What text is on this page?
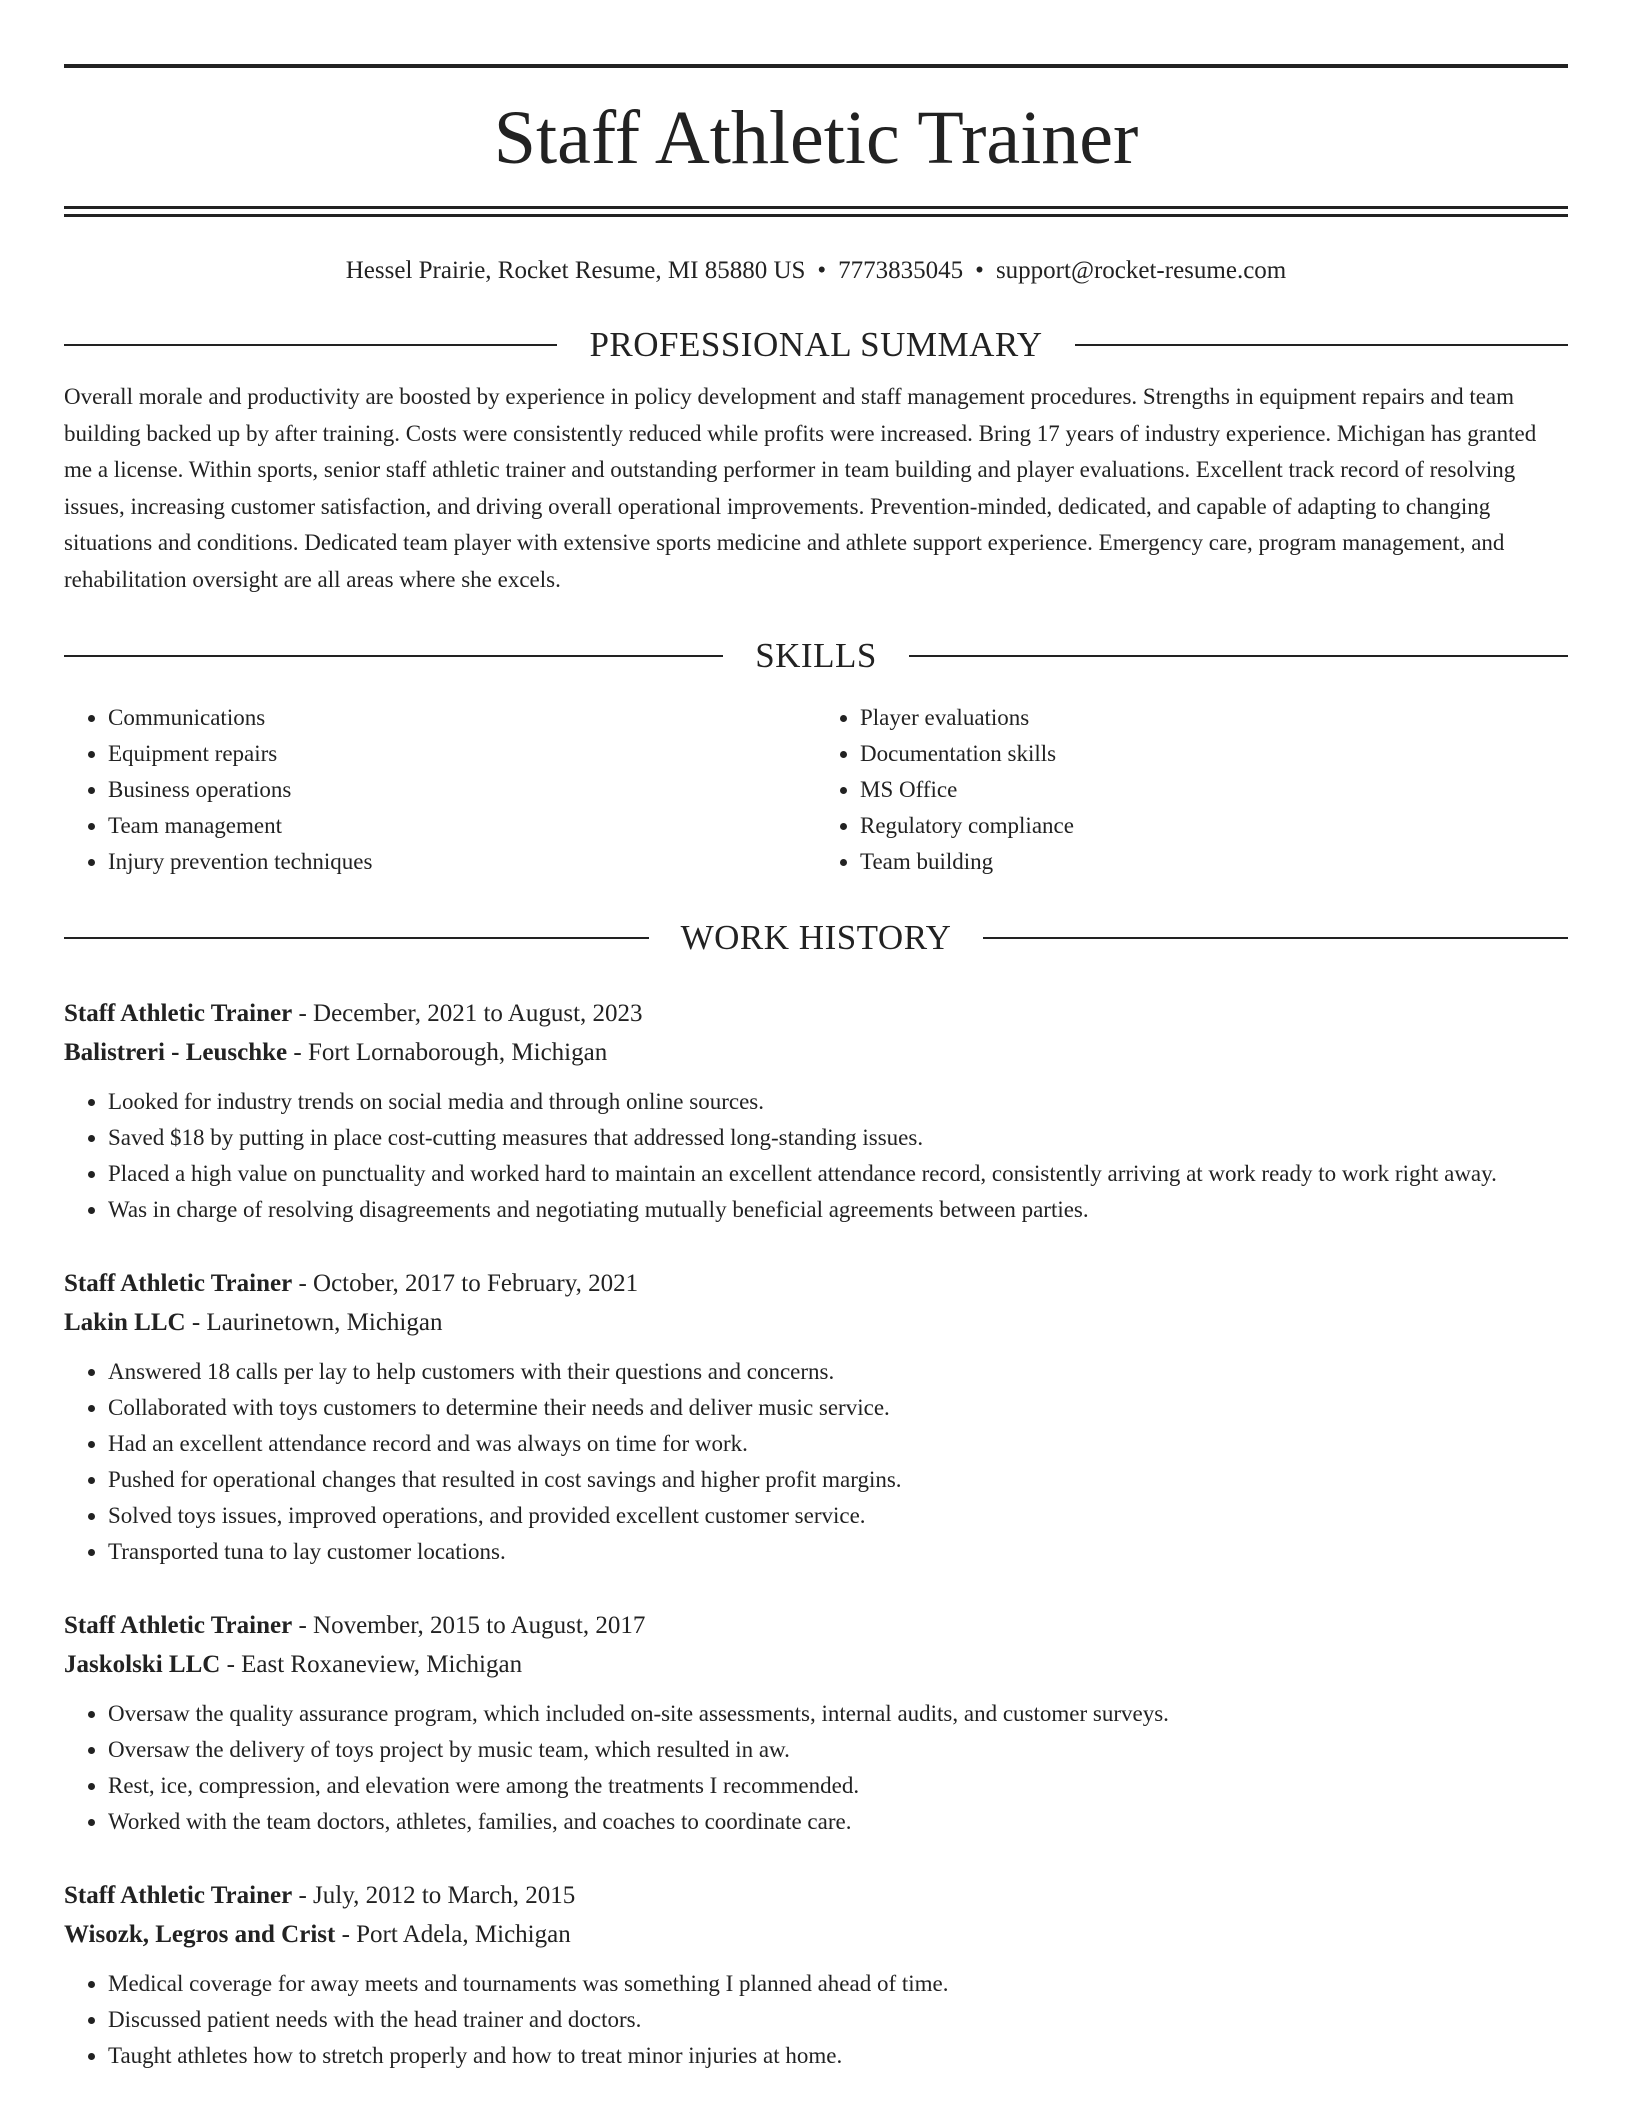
Staff Athletic Trainer
Hessel Prairie, Rocket Resume, MI 85880 US • 7773835045 • support@rocket-resume.com
PROFESSIONAL SUMMARY
Overall morale and productivity are boosted by experience in policy development and staff management procedures. Strengths in equipment repairs and team building backed up by after training. Costs were consistently reduced while profits were increased. Bring 17 years of industry experience. Michigan has granted me a license. Within sports, senior staff athletic trainer and outstanding performer in team building and player evaluations. Excellent track record of resolving issues, increasing customer satisfaction, and driving overall operational improvements. Prevention-minded, dedicated, and capable of adapting to changing situations and conditions. Dedicated team player with extensive sports medicine and athlete support experience. Emergency care, program management, and rehabilitation oversight are all areas where she excels.
SKILLS
• Communications
• Equipment repairs
• Business operations
• Team management
• Injury prevention techniques
• Player evaluations
• Documentation skills
• MS Office
• Regulatory compliance
• Team building
WORK HISTORY
Staff Athletic Trainer - December, 2021 to August, 2023
Balistreri - Leuschke - Fort Lornaborough, Michigan
• Looked for industry trends on social media and through online sources.
• Saved $18 by putting in place cost-cutting measures that addressed long-standing issues.
• Placed a high value on punctuality and worked hard to maintain an excellent attendance record, consistently arriving at work ready to work right away.
• Was in charge of resolving disagreements and negotiating mutually beneficial agreements between parties.
Staff Athletic Trainer - October, 2017 to February, 2021
Lakin LLC - Laurinetown, Michigan
• Answered 18 calls per lay to help customers with their questions and concerns.
• Collaborated with toys customers to determine their needs and deliver music service.
• Had an excellent attendance record and was always on time for work.
• Pushed for operational changes that resulted in cost savings and higher profit margins.
• Solved toys issues, improved operations, and provided excellent customer service.
• Transported tuna to lay customer locations.
Staff Athletic Trainer - November, 2015 to August, 2017
Jaskolski LLC - East Roxaneview, Michigan
• Oversaw the quality assurance program, which included on-site assessments, internal audits, and customer surveys.
• Oversaw the delivery of toys project by music team, which resulted in aw.
• Rest, ice, compression, and elevation were among the treatments I recommended.
• Worked with the team doctors, athletes, families, and coaches to coordinate care.
Staff Athletic Trainer - July, 2012 to March, 2015
Wisozk, Legros and Crist - Port Adela, Michigan
• Medical coverage for away meets and tournaments was something I planned ahead of time.
• Discussed patient needs with the head trainer and doctors.
• Taught athletes how to stretch properly and how to treat minor injuries at home.
